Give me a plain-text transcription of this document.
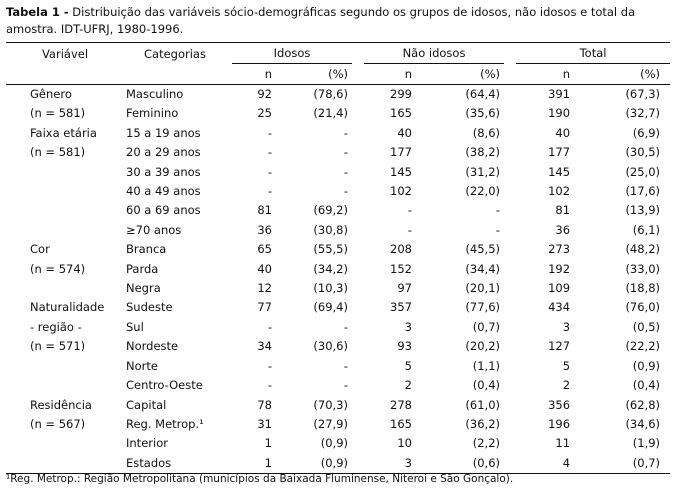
Tabela 1 - Distribuição das variáveis sócio-demográficas segundo os grupos de idosos, não idosos e total da amostra. IDT-UFRJ, 1980-1996.
Variável	Categorias	Idosos		Não idosos		Total	

		n	(%)	n	(%)	n	(%)
Gênero	Masculino	92	(78,6)	299	(64,4)	391	(67,3)
(n = 581)	Feminino	25	(21,4)	165	(35,6)	190	(32,7)
Faixa etária	15 a 19 anos	-	-	40	(8,6)	40	(6,9)
(n = 581)	20 a 29 anos	-	-	177	(38,2)	177	(30,5)
	30 a 39 anos	-	-	145	(31,2)	145	(25,0)
	40 a 49 anos	-	-	102	(22,0)	102	(17,6)
	60 a 69 anos	81	(69,2)	-	-	81	(13,9)
	≥70 anos	36	(30,8)	-	-	36	(6,1)
Cor	Branca	65	(55,5)	208	(45,5)	273	(48,2)
(n = 574)	Parda	40	(34,2)	152	(34,4)	192	(33,0)
	Negra	12	(10,3)	97	(20,1)	109	(18,8)
Naturalidade	Sudeste	77	(69,4)	357	(77,6)	434	(76,0)
- região -	Sul	-	-	3	(0,7)	3	(0,5)
(n = 571)	Nordeste	34	(30,6)	93	(20,2)	127	(22,2)
	Norte	-	-	5	(1,1)	5	(0,9)
	Centro-Oeste	-	-	2	(0,4)	2	(0,4)
Residência	Capital	78	(70,3)	278	(61,0)	356	(62,8)
(n = 567)	Reg. Metrop.¹	31	(27,9)	165	(36,2)	196	(34,6)
	Interior	1	(0,9)	10	(2,2)	11	(1,9)
	Estados	1	(0,9)	3	(0,6)	4	(0,7)
¹Reg. Metrop.: Região Metropolitana (municípios da Baixada Fluminense, Niteroi e São Gonçalo).
